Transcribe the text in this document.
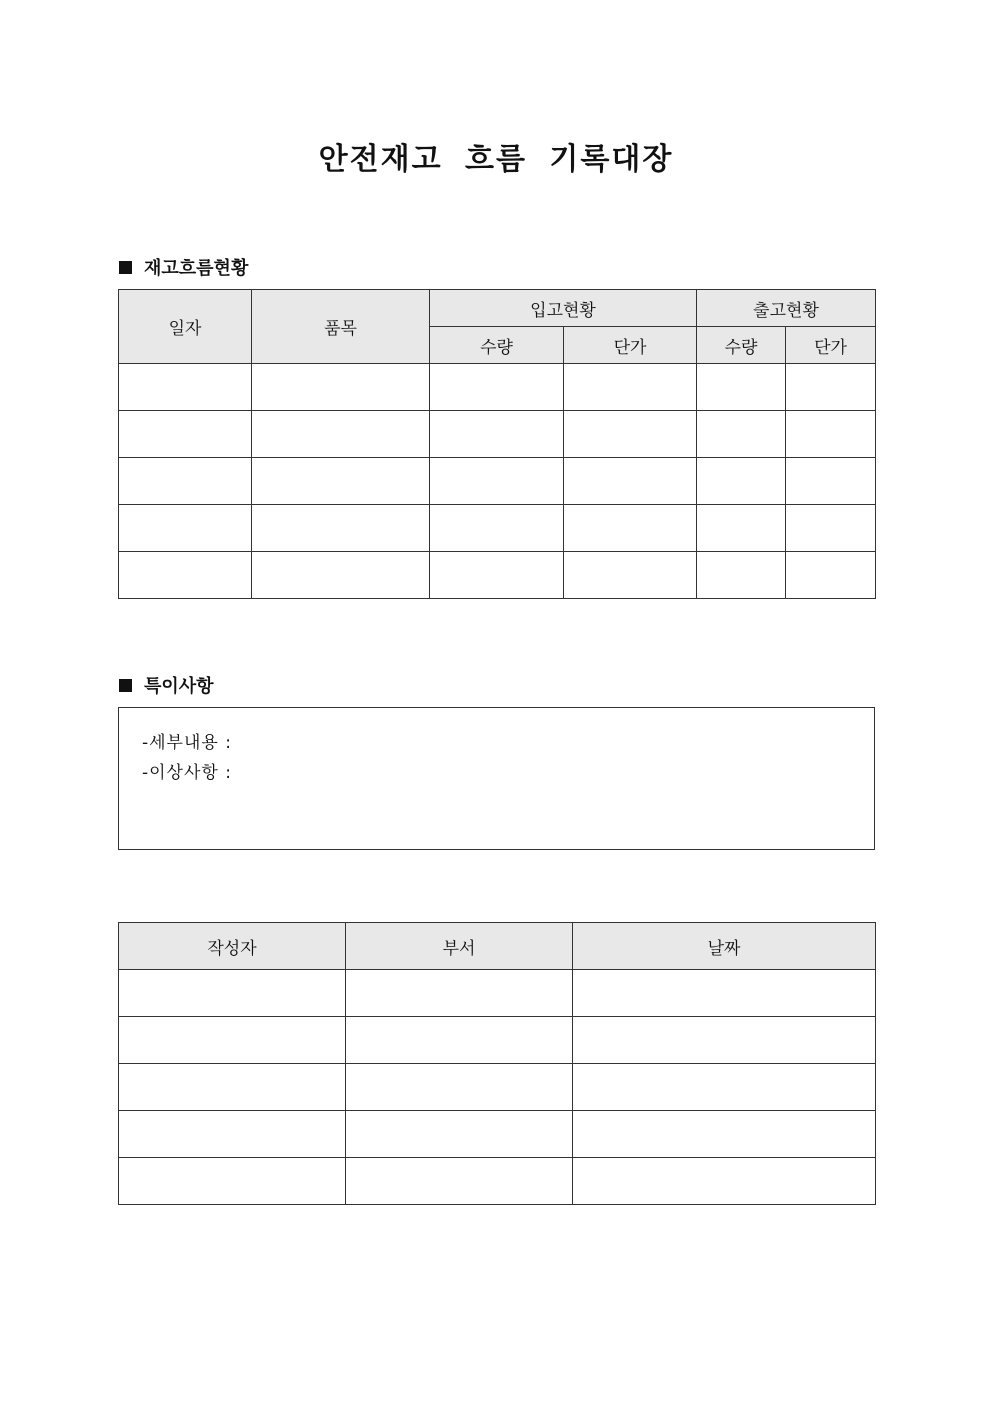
안전재고 흐름 기록대장
재고흐름현황
일자	품목	입고현황		출고현황	
		수량	단가	수량	단가

특이사항
-세부내용 :
-이상사항 :
작성자	부서	날짜
